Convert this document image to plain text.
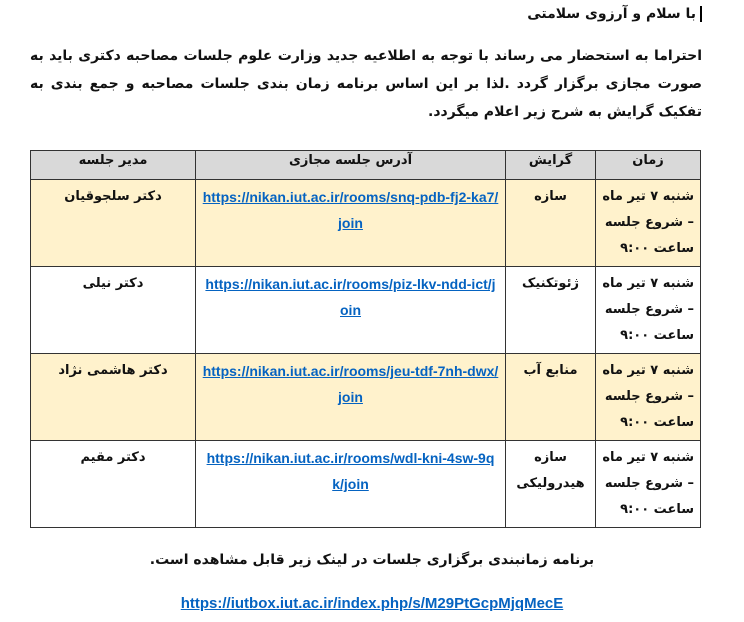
با سلام و آرزوی سلامتی
احتراما به استحضار می رساند با توجه به اطلاعیه جدید وزارت علوم جلسات مصاحبه دکتری باید به صورت مجازی برگزار گردد .لذا بر این اساس برنامه زمان بندی جلسات مصاحبه و جمع بندی به تفکیک گرایش به شرح زیر اعلام میگردد.
زمان	گرایش	آدرس جلسه مجازی	مدیر جلسه
شنبه ۷ تیر ماه – شروع جلسه ساعت ۹:۰۰	سازه	https://nikan.iut.ac.ir/rooms/snq-pdb-fj2-ka7/join	دکتر سلجوقیان
شنبه ۷ تیر ماه – شروع جلسه ساعت ۹:۰۰	ژئوتکنیک	https://nikan.iut.ac.ir/rooms/piz-lkv-ndd-ict/join	دکتر نیلی
شنبه ۷ تیر ماه – شروع جلسه ساعت ۹:۰۰	منابع آب	https://nikan.iut.ac.ir/rooms/jeu-tdf-7nh-dwx/join	دکتر هاشمی نژاد
شنبه ۷ تیر ماه – شروع جلسه ساعت ۹:۰۰	سازه هیدرولیکی	https://nikan.iut.ac.ir/rooms/wdl-kni-4sw-9qk/join	دکتر مقیم
برنامه زمانبندی برگزاری جلسات در لینک زیر قابل مشاهده است.
https://iutbox.iut.ac.ir/index.php/s/M29PtGcpMjqMecE
